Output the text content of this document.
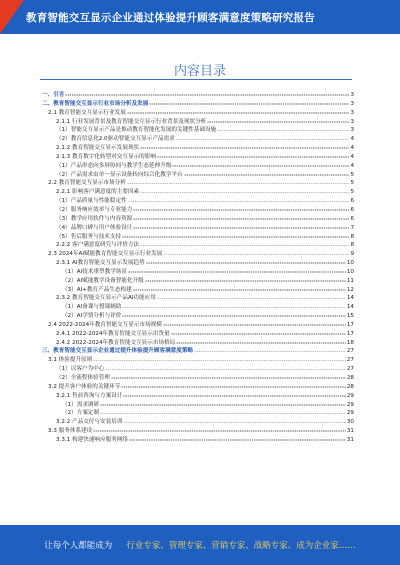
教育智能交互显示企业通过体验提升顾客满意度策略研究报告
内容目录
一、引言	3
二、教育智能交互显示行业市场分析及发展	3
2.1 教育智能交互显示行业发展	3
2.1.1 行业发展背景及教育智能交互显示行业背景及现状分析	3
（1）智能交互显示产品是推动教育智能化发展的关键性基础设施	3
（2）教育信息化2.0驱动智能交互显示产品需求	4
2.1.2 教育智能交互显示发展现状	4
2.1.3 教育数字化转型对交互显示的影响	4
（1）产品形态向多屏协同与教学生态延伸升级	4
（2）产品需求由单一显示设备转向综合化教学平台	5
2.2 教育智能交互显示市场分析	5
2.2.1 影响客户满意度的主要因素	5
（1）产品质量与性能稳定性	6
（2）服务响应效率与专业能力	6
（3）教学应用软件与内容资源	6
（4）品牌口碑与用户体验设计	7
（5）售后服务与技术支持	8
2.2.2 客户满意度研究与评价方法	8
2.3 2024年AI赋能教育智能交互显示行业发展	9
2.3.1 AI教育智能交互显示发展趋势	10
（1）AI技术重塑教学场景	10
（2）AI赋能教学设备智能化升级	11
（3）AI+教育产品生态构建	12
2.3.2 教育智能交互显示产品AI功能应用	14
（1）AI备课与授课辅助	14
（2）AI学情分析与评价	15
2.4 2022-2024年教育智能交互显示市场规模	17
2.4.1 2022-2024年教育智能交互显示出货量	17
2.4.2 2022-2024年教育智能交互显示市场格局	18
三、教育智能交互显示企业通过提升体验提升顾客满意度策略	27
3.1 体验提升原则	27
（1）以客户为中心	27
（2）全流程体验管理	28
3.2 提升客户体验的关键环节	28
3.2.1 售前咨询与方案设计	29
（1）需求调研	29
（2）方案定制	29
3.2.2 产品交付与安装培训	30
3.3 服务体系建设	31
3.3.1 构建快速响应服务网络	31
让每个人都能成为 行业专家、管理专家、营销专家、战略专家、成为企业家……
